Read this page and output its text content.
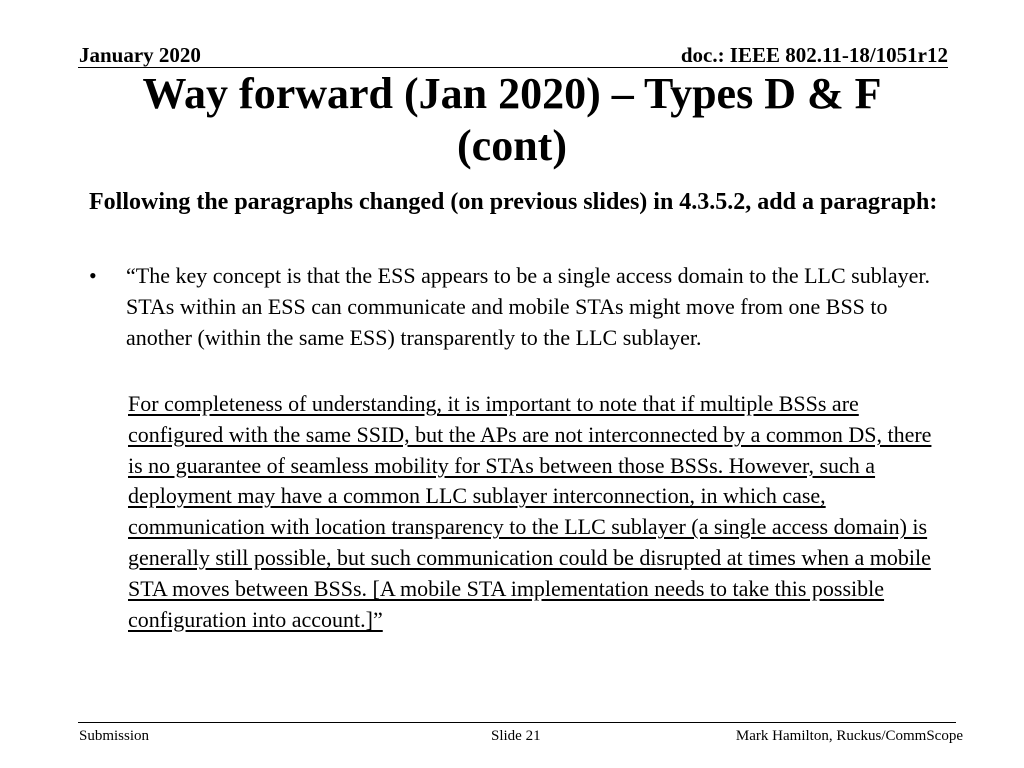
January 2020	doc.: IEEE 802.11-18/1051r12
Way forward (Jan 2020) – Types D & F (cont)
Following the paragraphs changed (on previous slides) in 4.3.5.2, add a paragraph:
•	“The key concept is that the ESS appears to be a single access domain to the LLC sublayer. STAs within an ESS can communicate and mobile STAs might move from one BSS to another (within the same ESS) transparently to the LLC sublayer.
For completeness of understanding, it is important to note that if multiple BSSs are configured with the same SSID, but the APs are not interconnected by a common DS, there is no guarantee of seamless mobility for STAs between those BSSs. However, such a deployment may have a common LLC sublayer interconnection, in which case, communication with location transparency to the LLC sublayer (a single access domain) is generally still possible, but such communication could be disrupted at times when a mobile STA moves between BSSs. [A mobile STA implementation needs to take this possible configuration into account.]”
Submission	Slide 21	Mark Hamilton, Ruckus/CommScope
